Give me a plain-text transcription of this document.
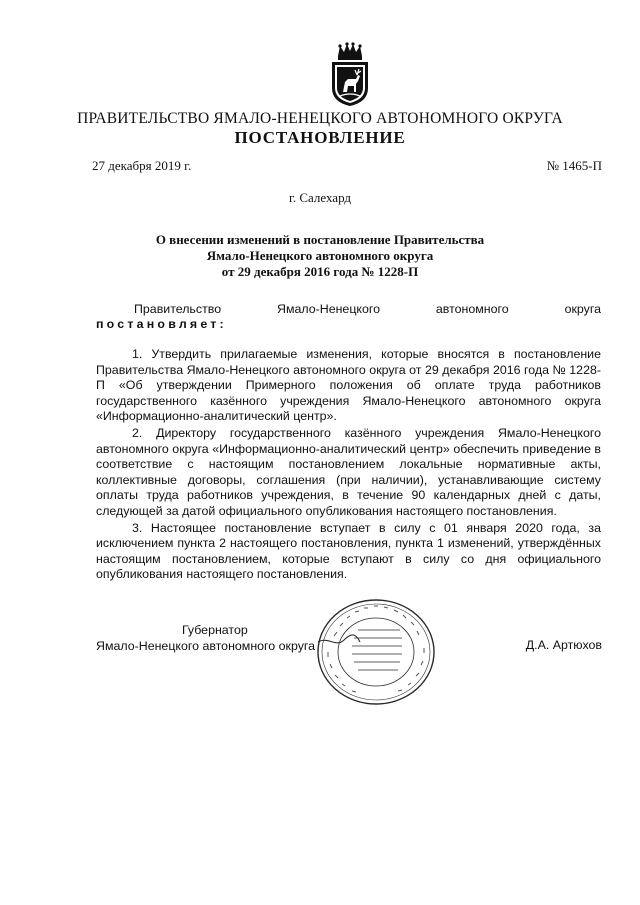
ПРАВИТЕЛЬСТВО ЯМАЛО-НЕНЕЦКОГО АВТОНОМНОГО ОКРУГА
ПОСТАНОВЛЕНИЕ
27 декабря 2019 г.	№ 1465-П
г. Салехард
О внесении изменений в постановление Правительства
Ямало-Ненецкого автономного округа
от 29 декабря 2016 года № 1228-П
Правительство	Ямало-Ненецкого	автономного	округа
постановляет:

1. Утвердить прилагаемые изменения, которые вносятся в постановление Правительства Ямало-Ненецкого автономного округа от 29 декабря 2016 года № 1228-П «Об утверждении Примерного положения об оплате труда работников государственного казённого учреждения Ямало-Ненецкого автономного округа «Информационно-аналитический центр».

2. Директору государственного казённого учреждения Ямало-Ненецкого автономного округа «Информационно-аналитический центр» обеспечить приведение в соответствие с настоящим постановлением локальные нормативные акты, коллективные договоры, соглашения (при наличии), устанавливающие систему оплаты труда работников учреждения, в течение 90 календарных дней с даты, следующей за датой официального опубликования настоящего постановления.

3. Настоящее постановление вступает в силу с 01 января 2020 года, за исключением пункта 2 настоящего постановления, пункта 1 изменений, утверждённых настоящим постановлением, которые вступают в силу со дня официального опубликования настоящего постановления.

Губернатор
Ямало-Ненецкого автономного округа	Д.А. Артюхов
